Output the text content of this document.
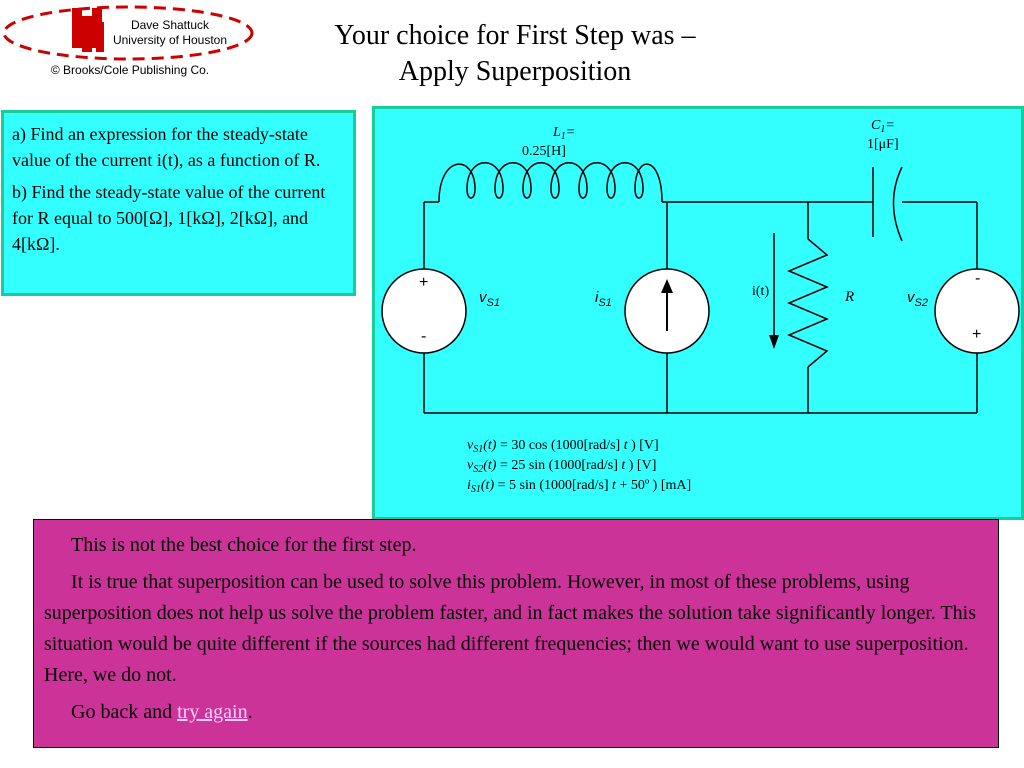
Dave Shattuck
University of Houston
© Brooks/Cole Publishing Co.
Your choice for First Step was –
Apply Superposition

a) Find an expression for the steady-state value of the current i(t), as a function of R.

b) Find the steady-state value of the current for R equal to 500[Ω], 1[kΩ], 2[kΩ], and 4[kΩ].

$L_1=$
0.25[H]
$C_1=$
1[μF]
+
-
$v_{S1}$	$i_{S1}$
i(t)	R	$v_{S2}$
-
+
$v_{S1}(t) = 30$ cos (1000[rad/s] t ) [V]
$v_{S2}(t) = 25$ sin (1000[rad/s] t ) [V]
$i_{S1}(t) = 5$ sin (1000[rad/s] t + 50º ) [mA]

This is not the best choice for the first step.

It is true that superposition can be used to solve this problem. However, in most of these problems, using superposition does not help us solve the problem faster, and in fact makes the solution take significantly longer. This situation would be quite different if the sources had different frequencies; then we would want to use superposition. Here, we do not.

Go back and try again.
